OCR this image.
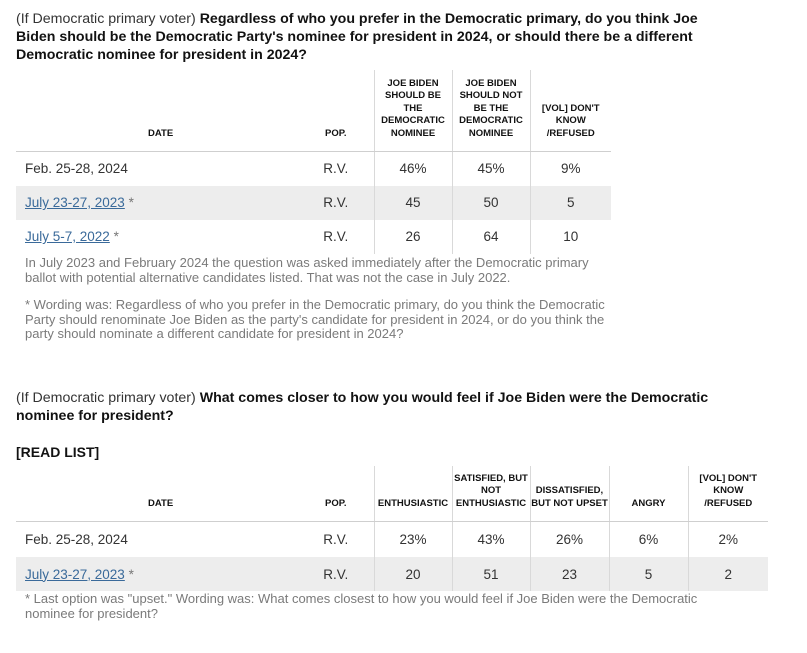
(If Democratic primary voter) Regardless of who you prefer in the Democratic primary, do you think Joe Biden should be the Democratic Party's nominee for president in 2024, or should there be a different Democratic nominee for president in 2024?
DATE	POP.	JOE BIDEN SHOULD BE THE DEMOCRATIC NOMINEE	JOE BIDEN SHOULD NOT BE THE DEMOCRATIC NOMINEE	[VOL] DON'T KNOW /REFUSED
Feb. 25-28, 2024	R.V.	46%	45%	9%
July 23-27, 2023 *	R.V.	45	50	5
July 5-7, 2022 *	R.V.	26	64	10
In July 2023 and February 2024 the question was asked immediately after the Democratic primary ballot with potential alternative candidates listed. That was not the case in July 2022.
* Wording was: Regardless of who you prefer in the Democratic primary, do you think the Democratic Party should renominate Joe Biden as the party's candidate for president in 2024, or do you think the party should nominate a different candidate for president in 2024?
(If Democratic primary voter) What comes closer to how you would feel if Joe Biden were the Democratic nominee for president?
[READ LIST]
DATE	POP.	ENTHUSIASTIC	SATISFIED, BUT NOT ENTHUSIASTIC	DISSATISFIED, BUT NOT UPSET	ANGRY	[VOL] DON'T KNOW /REFUSED
Feb. 25-28, 2024	R.V.	23%	43%	26%	6%	2%
July 23-27, 2023 *	R.V.	20	51	23	5	2
* Last option was "upset." Wording was: What comes closest to how you would feel if Joe Biden were the Democratic nominee for president?
